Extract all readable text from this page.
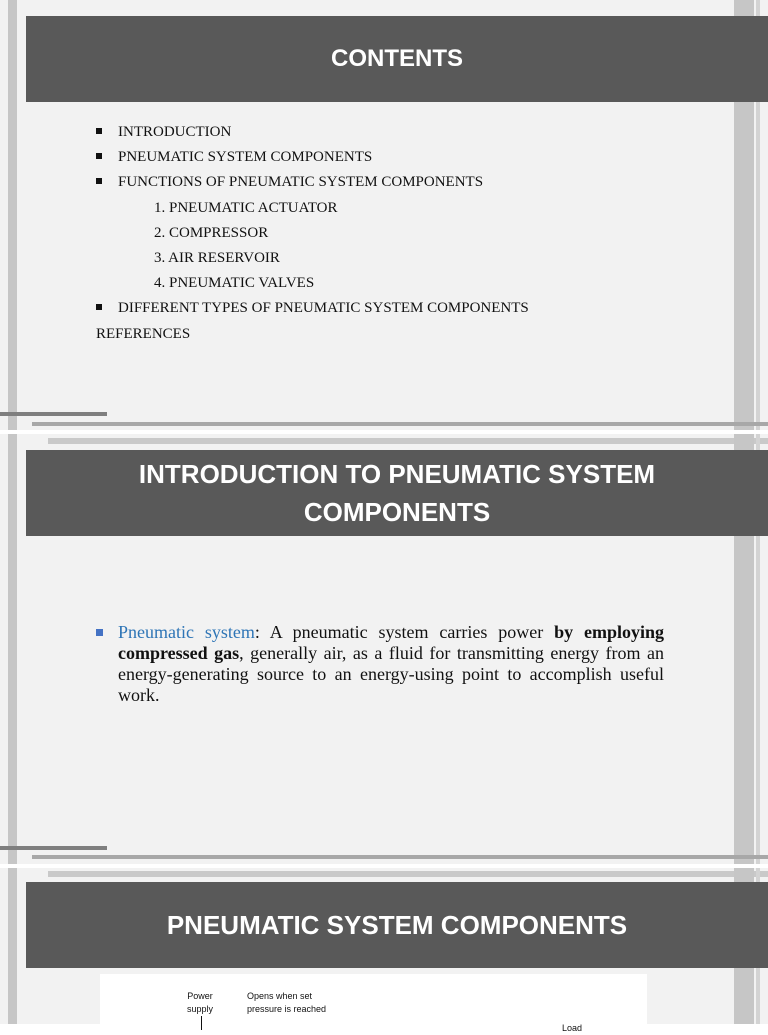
CONTENTS
INTRODUCTION
PNEUMATIC SYSTEM COMPONENTS
FUNCTIONS OF PNEUMATIC SYSTEM COMPONENTS
1. PNEUMATIC ACTUATOR
2. COMPRESSOR
3. AIR RESERVOIR
4. PNEUMATIC VALVES
DIFFERENT TYPES OF PNEUMATIC SYSTEM COMPONENTS
REFERENCES
INTRODUCTION TO PNEUMATIC SYSTEM COMPONENTS

Pneumatic system: A pneumatic system carries power by employing compressed gas, generally air, as a fluid for transmitting energy from an energy-generating source to an energy-using point to accomplish useful work.

PNEUMATIC SYSTEM COMPONENTS
Power supply
Opens when set pressure is reached
Load
